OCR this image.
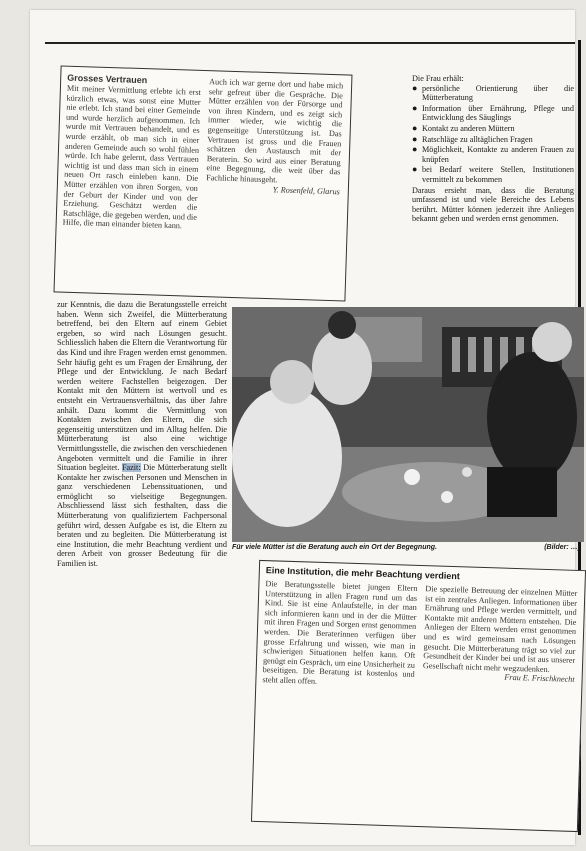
Grosses Vertrauen
Mit meiner Vermittlung erlebte ich erst kürzlich etwas, was sonst eine Mutter nie erlebt. Ich stand bei einer Gemeinde und wurde herzlich aufgenommen. Ich wurde mit Vertrauen behandelt, und es wurde erzählt, ob man sich in einer anderen Gemeinde auch so wohl fühlen würde. Ich habe gelernt, dass Vertrauen wichtig ist und dass man sich in einem neuen Ort rasch einleben kann. Die Mütter erzählen von ihren Sorgen, von der Geburt der Kinder und von der Erziehung. Geschätzt werden die Ratschläge, die gegeben werden, und die Hilfe, die man einander bieten kann.
Auch ich war gerne dort und habe mich sehr gefreut über die Gespräche. Die Mütter erzählen von der Fürsorge und von ihren Kindern, und es zeigt sich immer wieder, wie wichtig die gegenseitige Unterstützung ist. Das Vertrauen ist gross und die Frauen schätzen den Austausch mit der Beraterin. So wird aus einer Beratung eine Begegnung, die weit über das Fachliche hinausgeht.
Y. Rosenfeld, Glarus
Die Frau erhält:
● persönliche Orientierung über die Mütterberatung
● Information über Ernährung, Pflege und Entwicklung des Säuglings
● Kontakt zu anderen Müttern
● Ratschläge zu alltäglichen Fragen
● Möglichkeit, Kontakte zu anderen Frauen zu knüpfen
● bei Bedarf weitere Stellen, Institutionen vermittelt zu bekommen
Daraus ersieht man, dass die Beratung umfassend ist und viele Bereiche des Lebens berührt. Mütter können jederzeit ihre Anliegen bekannt geben und werden ernst genommen.
zur Kenntnis, die dazu die Beratungsstelle erreicht haben. Wenn sich Zweifel, die Mütterberatung betreffend, bei den Eltern auf einem Gebiet ergeben, so wird nach Lösungen gesucht. Schliesslich haben die Eltern die Verantwortung für das Kind und ihre Fragen werden ernst genommen. Sehr häufig geht es um Fragen der Ernährung, der Pflege und der Entwicklung. Je nach Bedarf werden weitere Fachstellen beigezogen. Der Kontakt mit den Müttern ist wertvoll und es entsteht ein Vertrauensverhältnis, das über Jahre anhält. Dazu kommt die Vermittlung von Kontakten zwischen den Eltern, die sich gegenseitig unterstützen und im Alltag helfen. Die Mütterberatung ist also eine wichtige Vermittlungsstelle, die zwischen den verschiedenen Angeboten vermittelt und die Familie in ihrer Situation begleitet. Fazit: Die Mütterberatung stellt Kontakte her zwischen Personen und Menschen in ganz verschiedenen Lebenssituationen, und ermöglicht so vielseitige Begegnungen. Abschliessend lässt sich festhalten, dass die Mütterberatung von qualifiziertem Fachpersonal geführt wird, dessen Aufgabe es ist, die Eltern zu beraten und zu begleiten. Die Mütterberatung ist eine Institution, die mehr Beachtung verdient und deren Arbeit von grosser Bedeutung für die Familien ist.
Für viele Mütter ist die Beratung auch ein Ort der Begegnung.	(Bilder: …)
Eine Institution, die mehr Beachtung verdient
Die Beratungsstelle bietet jungen Eltern Unterstützung in allen Fragen rund um das Kind. Sie ist eine Anlaufstelle, in der man sich informieren kann und in der die Mütter mit ihren Fragen und Sorgen ernst genommen werden. Die Beraterinnen verfügen über grosse Erfahrung und wissen, wie man in schwierigen Situationen helfen kann. Oft genügt ein Gespräch, um eine Unsicherheit zu beseitigen. Die Beratung ist kostenlos und steht allen offen.
Die spezielle Betreuung der einzelnen Mütter ist ein zentrales Anliegen. Informationen über Ernährung und Pflege werden vermittelt, und Kontakte mit anderen Müttern entstehen. Die Anliegen der Eltern werden ernst genommen und es wird gemeinsam nach Lösungen gesucht. Die Mütterberatung trägt so viel zur Gesundheit der Kinder bei und ist aus unserer Gesellschaft nicht mehr wegzudenken.
Frau E. Frischknecht
